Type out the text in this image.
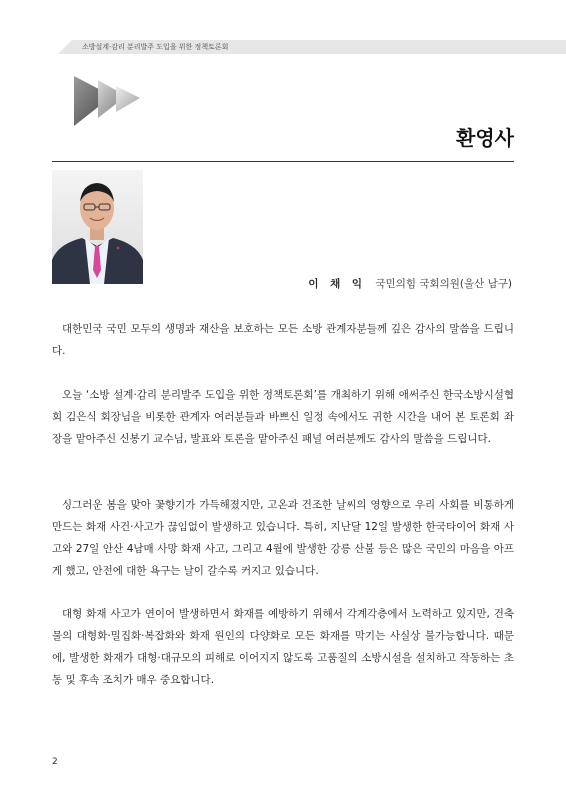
소방설계·감리 분리발주 도입을 위한 정책토론회
환영사
이 채 익 국민의힘 국회의원(울산 남구)

대한민국 국민 모두의 생명과 재산을 보호하는 모든 소방 관계자분들께 깊은 감사의 말씀을 드립니다.

오늘 ‘소방 설계·감리 분리발주 도입을 위한 정책토론회’를 개최하기 위해 애써주신 한국소방시설협회 김은식 회장님을 비롯한 관계자 여러분들과 바쁘신 일정 속에서도 귀한 시간을 내어 본 토론회 좌장을 맡아주신 신봉기 교수님, 발표와 토론을 맡아주신 패널 여러분께도 감사의 말씀을 드립니다.

싱그러운 봄을 맞아 꽃향기가 가득해졌지만, 고온과 건조한 날씨의 영향으로 우리 사회를 비통하게 만드는 화재 사건·사고가 끊임없이 발생하고 있습니다. 특히, 지난달 12일 발생한 한국타이어 화재 사고와 27일 안산 4남매 사망 화재 사고, 그리고 4월에 발생한 강릉 산불 등은 많은 국민의 마음을 아프게 했고, 안전에 대한 욕구는 날이 갈수록 커지고 있습니다.

대형 화재 사고가 연이어 발생하면서 화재를 예방하기 위해서 각계각층에서 노력하고 있지만, 건축물의 대형화·밀집화·복잡화와 화재 원인의 다양화로 모든 화재를 막기는 사실상 불가능합니다. 때문에, 발생한 화재가 대형·대규모의 피해로 이어지지 않도록 고품질의 소방시설을 설치하고 작동하는 초동 및 후속 조치가 매우 중요합니다.

2
